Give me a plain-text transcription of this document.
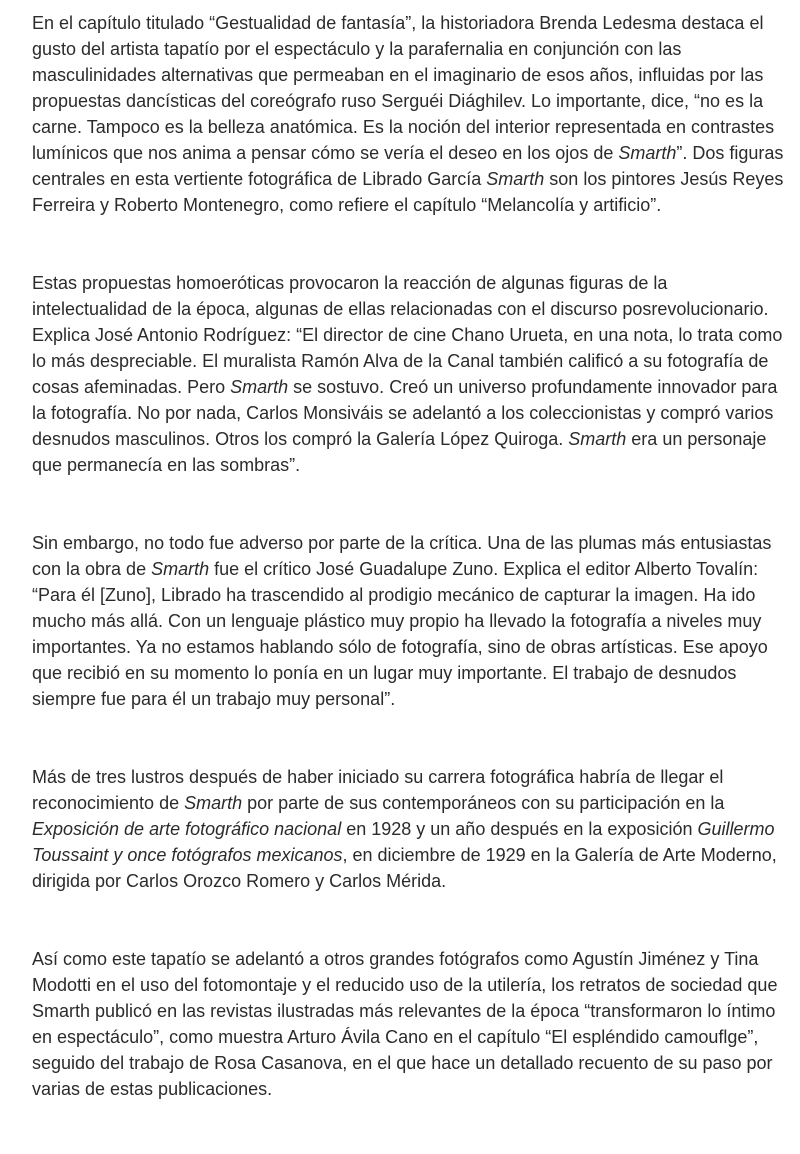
En el capítulo titulado “Gestualidad de fantasía”, la historiadora Brenda Ledesma destaca el gusto del artista tapatío por el espectáculo y la parafernalia en conjunción con las masculinidades alternativas que permeaban en el imaginario de esos años, influidas por las propuestas dancísticas del coreógrafo ruso Serguéi Diághilev. Lo importante, dice, “no es la carne. Tampoco es la belleza anatómica. Es la noción del interior representada en contrastes lumínicos que nos anima a pensar cómo se vería el deseo en los ojos de Smarth”. Dos figuras centrales en esta vertiente fotográfica de Librado García Smarth son los pintores Jesús Reyes Ferreira y Roberto Montenegro, como refiere el capítulo “Melancolía y artificio”.

Estas propuestas homoeróticas provocaron la reacción de algunas figuras de la intelectualidad de la época, algunas de ellas relacionadas con el discurso posrevolucionario. Explica José Antonio Rodríguez: “El director de cine Chano Urueta, en una nota, lo trata como lo más despreciable. El muralista Ramón Alva de la Canal también calificó a su fotografía de cosas afeminadas. Pero Smarth se sostuvo. Creó un universo profundamente innovador para la fotografía. No por nada, Carlos Monsiváis se adelantó a los coleccionistas y compró varios desnudos masculinos. Otros los compró la Galería López Quiroga. Smarth era un personaje que permanecía en las sombras”.

Sin embargo, no todo fue adverso por parte de la crítica. Una de las plumas más entusiastas con la obra de Smarth fue el crítico José Guadalupe Zuno. Explica el editor Alberto Tovalín: “Para él [Zuno], Librado ha trascendido al prodigio mecánico de capturar la imagen. Ha ido mucho más allá. Con un lenguaje plástico muy propio ha llevado la fotografía a niveles muy importantes. Ya no estamos hablando sólo de fotografía, sino de obras artísticas. Ese apoyo que recibió en su momento lo ponía en un lugar muy importante. El trabajo de desnudos siempre fue para él un trabajo muy personal”.

Más de tres lustros después de haber iniciado su carrera fotográfica habría de llegar el reconocimiento de Smarth por parte de sus contemporáneos con su participación en la Exposición de arte fotográfico nacional en 1928 y un año después en la exposición Guillermo Toussaint y once fotógrafos mexicanos, en diciembre de 1929 en la Galería de Arte Moderno, dirigida por Carlos Orozco Romero y Carlos Mérida.

Así como este tapatío se adelantó a otros grandes fotógrafos como Agustín Jiménez y Tina Modotti en el uso del fotomontaje y el reducido uso de la utilería, los retratos de sociedad que Smarth publicó en las revistas ilustradas más relevantes de la época “transformaron lo íntimo en espectáculo”, como muestra Arturo Ávila Cano en el capítulo “El espléndido camouflge”, seguido del trabajo de Rosa Casanova, en el que hace un detallado recuento de su paso por varias de estas publicaciones.
